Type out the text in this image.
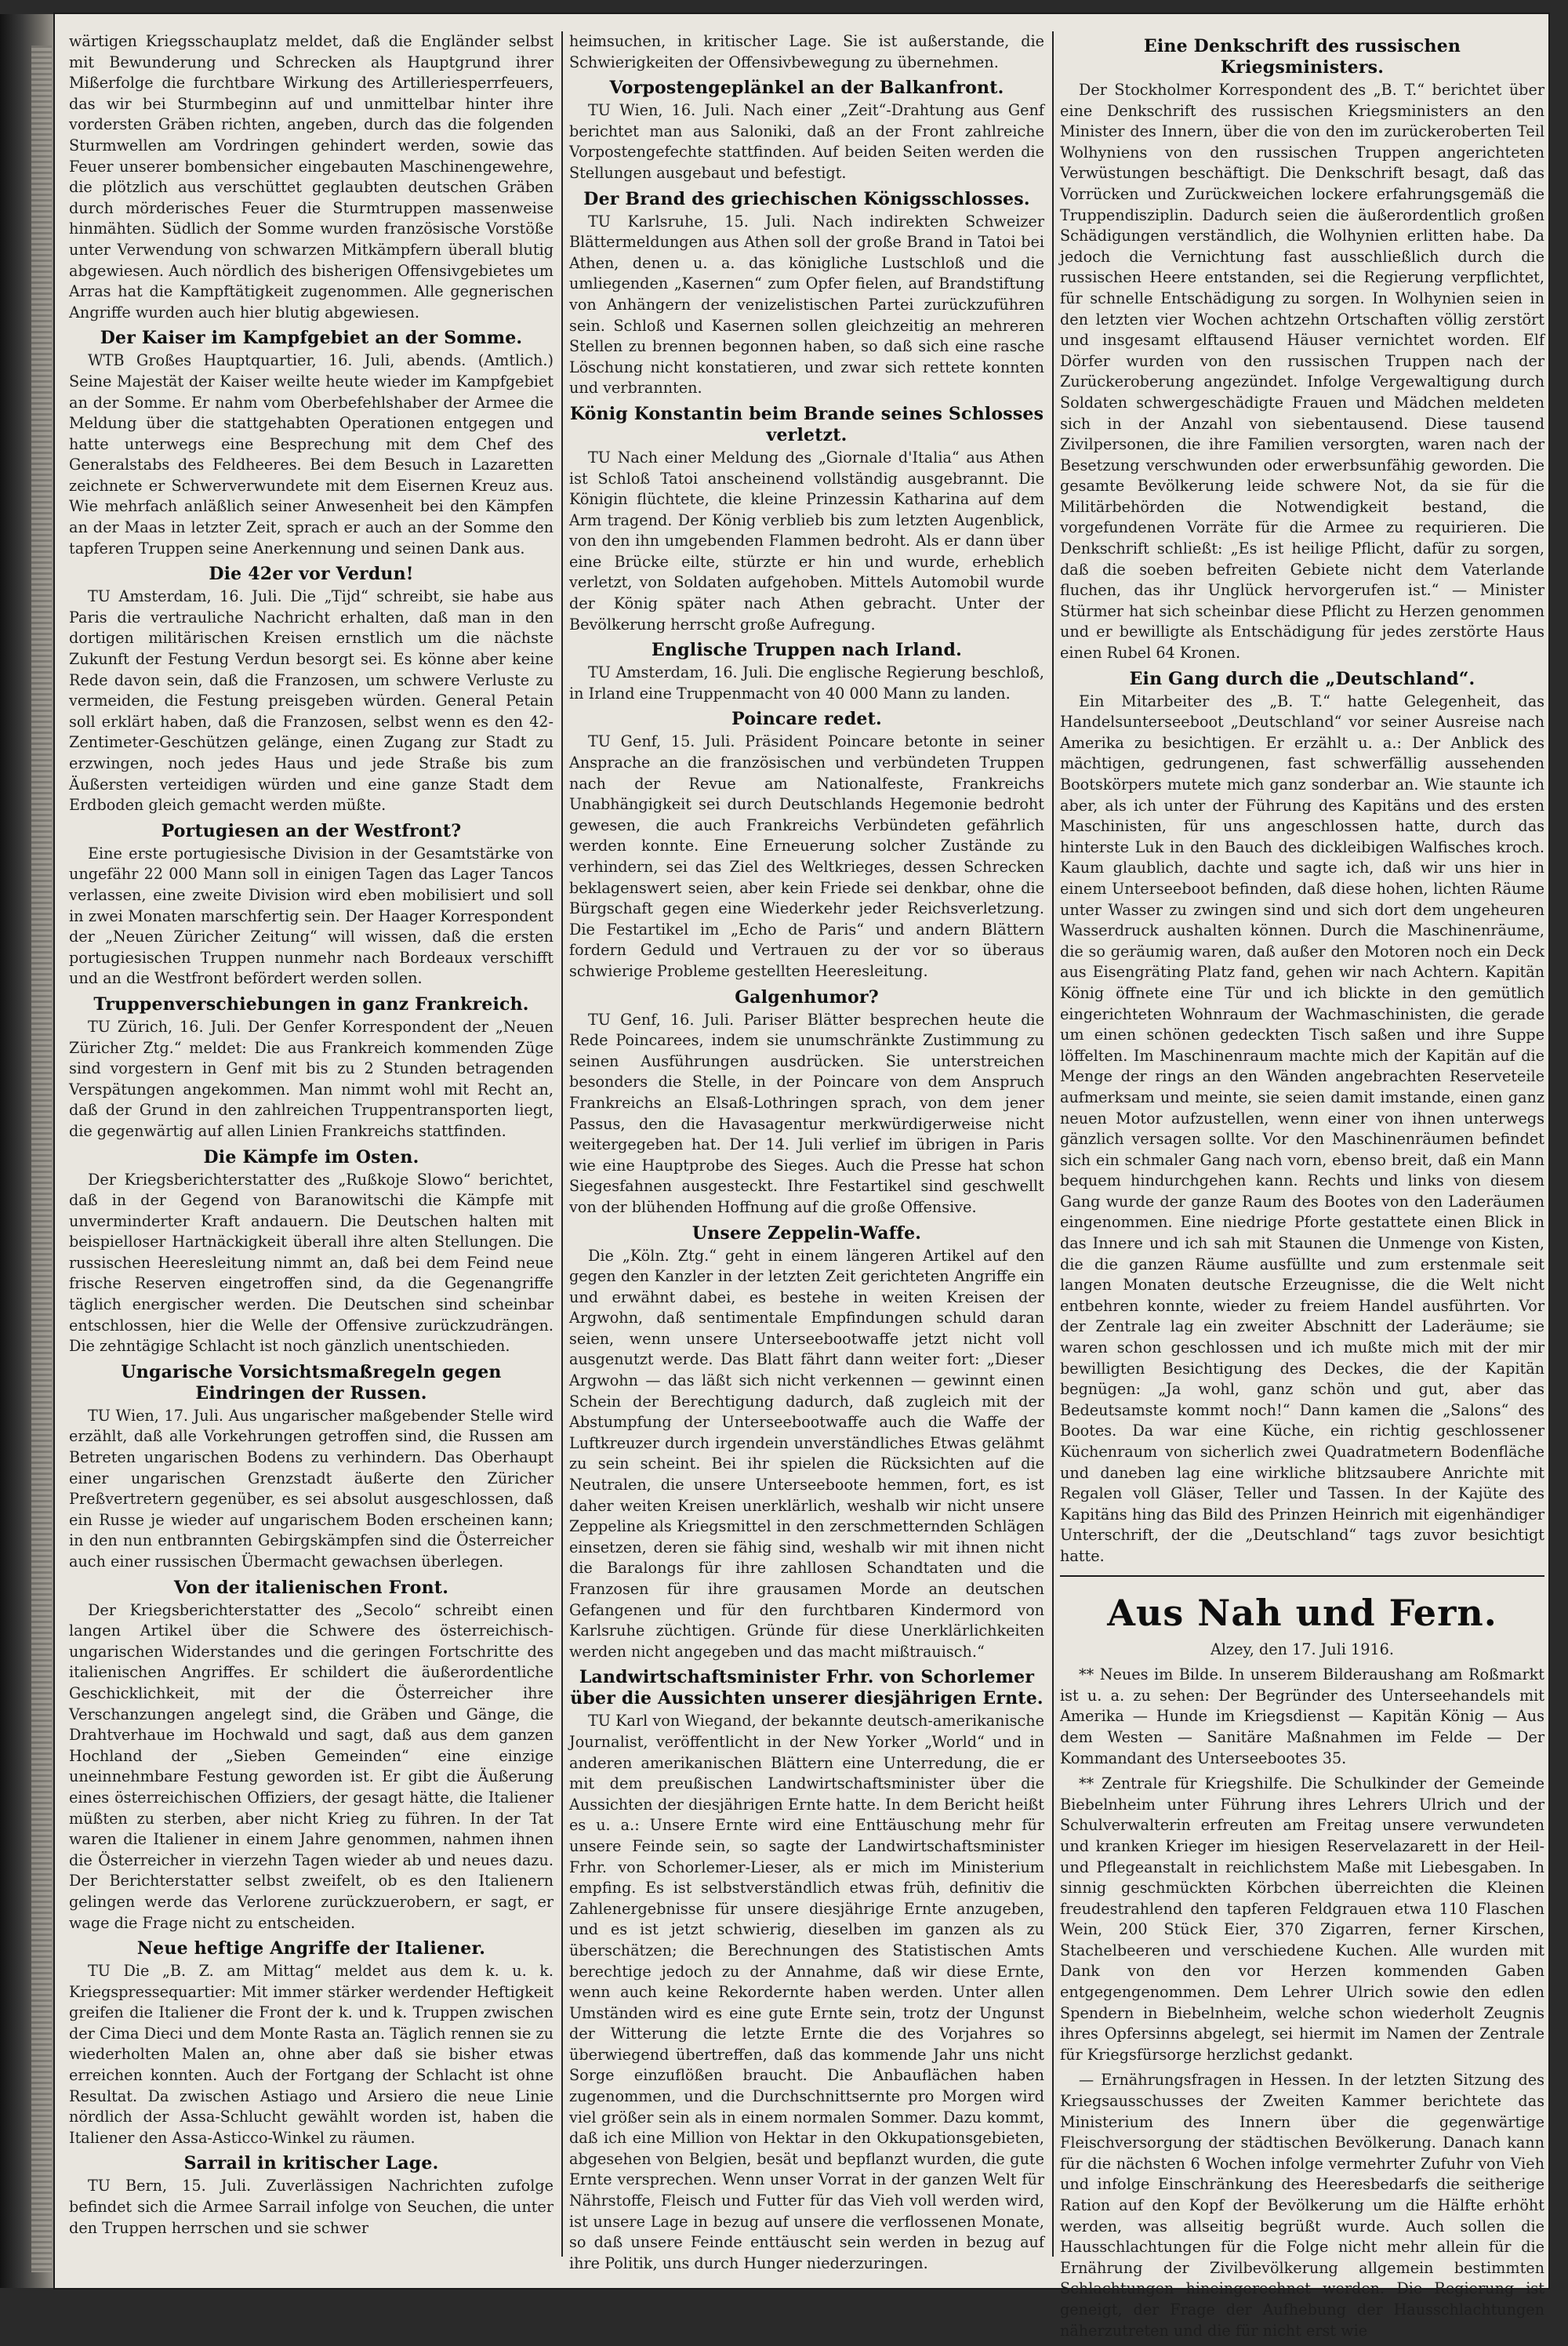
wärtigen Kriegsschauplatz meldet, daß die Engländer selbst mit Bewunderung und Schrecken als Hauptgrund ihrer Mißerfolge die furchtbare Wirkung des Artilleriesperrfeuers, das wir bei Sturmbeginn auf und unmittelbar hinter ihre vordersten Gräben richten, angeben, durch das die folgenden Sturmwellen am Vordringen gehindert werden, sowie das Feuer unserer bombensicher eingebauten Maschinengewehre, die plötzlich aus verschüttet geglaubten deutschen Gräben durch mörderisches Feuer die Sturmtruppen massenweise hinmähten. Südlich der Somme wurden französische Vorstöße unter Verwendung von schwarzen Mitkämpfern überall blutig abgewiesen. Auch nördlich des bisherigen Offensivgebietes um Arras hat die Kampftätigkeit zugenommen. Alle gegnerischen Angriffe wurden auch hier blutig abgewiesen.

Der Kaiser im Kampfgebiet an der Somme.

WTB Großes Hauptquartier, 16. Juli, abends. (Amtlich.) Seine Majestät der Kaiser weilte heute wieder im Kampfgebiet an der Somme. Er nahm vom Oberbefehlshaber der Armee die Meldung über die stattgehabten Operationen entgegen und hatte unterwegs eine Besprechung mit dem Chef des Generalstabs des Feldheeres. Bei dem Besuch in Lazaretten zeichnete er Schwerverwundete mit dem Eisernen Kreuz aus. Wie mehrfach anläßlich seiner Anwesenheit bei den Kämpfen an der Maas in letzter Zeit, sprach er auch an der Somme den tapferen Truppen seine Anerkennung und seinen Dank aus.

Die 42er vor Verdun!

TU Amsterdam, 16. Juli. Die „Tijd“ schreibt, sie habe aus Paris die vertrauliche Nachricht erhalten, daß man in den dortigen militärischen Kreisen ernstlich um die nächste Zukunft der Festung Verdun besorgt sei. Es könne aber keine Rede davon sein, daß die Franzosen, um schwere Verluste zu vermeiden, die Festung preisgeben würden. General Petain soll erklärt haben, daß die Franzosen, selbst wenn es den 42-Zentimeter-Geschützen gelänge, einen Zugang zur Stadt zu erzwingen, noch jedes Haus und jede Straße bis zum Äußersten verteidigen würden und eine ganze Stadt dem Erdboden gleich gemacht werden müßte.

Portugiesen an der Westfront?

Eine erste portugiesische Division in der Gesamtstärke von ungefähr 22 000 Mann soll in einigen Tagen das Lager Tancos verlassen, eine zweite Division wird eben mobilisiert und soll in zwei Monaten marschfertig sein. Der Haager Korrespondent der „Neuen Züricher Zeitung“ will wissen, daß die ersten portugiesischen Truppen nunmehr nach Bordeaux verschifft und an die Westfront befördert werden sollen.

Truppenverschiebungen in ganz Frankreich.

TU Zürich, 16. Juli. Der Genfer Korrespondent der „Neuen Züricher Ztg.“ meldet: Die aus Frankreich kommenden Züge sind vorgestern in Genf mit bis zu 2 Stunden betragenden Verspätungen angekommen. Man nimmt wohl mit Recht an, daß der Grund in den zahlreichen Truppentransporten liegt, die gegenwärtig auf allen Linien Frankreichs stattfinden.

Die Kämpfe im Osten.

Der Kriegsberichterstatter des „Rußkoje Slowo“ berichtet, daß in der Gegend von Baranowitschi die Kämpfe mit unverminderter Kraft andauern. Die Deutschen halten mit beispielloser Hartnäckigkeit überall ihre alten Stellungen. Die russischen Heeresleitung nimmt an, daß bei dem Feind neue frische Reserven eingetroffen sind, da die Gegenangriffe täglich energischer werden. Die Deutschen sind scheinbar entschlossen, hier die Welle der Offensive zurückzudrängen. Die zehntägige Schlacht ist noch gänzlich unentschieden.

Ungarische Vorsichtsmaßregeln gegen Eindringen der Russen.

TU Wien, 17. Juli. Aus ungarischer maßgebender Stelle wird erzählt, daß alle Vorkehrungen getroffen sind, die Russen am Betreten ungarischen Bodens zu verhindern. Das Oberhaupt einer ungarischen Grenzstadt äußerte den Züricher Preßvertretern gegenüber, es sei absolut ausgeschlossen, daß ein Russe je wieder auf ungarischem Boden erscheinen kann; in den nun entbrannten Gebirgskämpfen sind die Österreicher auch einer russischen Übermacht gewachsen überlegen.

Von der italienischen Front.

Der Kriegsberichterstatter des „Secolo“ schreibt einen langen Artikel über die Schwere des österreichisch-ungarischen Widerstandes und die geringen Fortschritte des italienischen Angriffes. Er schildert die äußerordentliche Geschicklichkeit, mit der die Österreicher ihre Verschanzungen angelegt sind, die Gräben und Gänge, die Drahtverhaue im Hochwald und sagt, daß aus dem ganzen Hochland der „Sieben Gemeinden“ eine einzige uneinnehmbare Festung geworden ist. Er gibt die Äußerung eines österreichischen Offiziers, der gesagt hätte, die Italiener müßten zu sterben, aber nicht Krieg zu führen. In der Tat waren die Italiener in einem Jahre genommen, nahmen ihnen die Österreicher in vierzehn Tagen wieder ab und neues dazu. Der Berichterstatter selbst zweifelt, ob es den Italienern gelingen werde das Verlorene zurückzuerobern, er sagt, er wage die Frage nicht zu entscheiden.

Neue heftige Angriffe der Italiener.

TU Die „B. Z. am Mittag“ meldet aus dem k. u. k. Kriegspressequartier: Mit immer stärker werdender Heftigkeit greifen die Italiener die Front der k. und k. Truppen zwischen der Cima Dieci und dem Monte Rasta an. Täglich rennen sie zu wiederholten Malen an, ohne aber daß sie bisher etwas erreichen konnten. Auch der Fortgang der Schlacht ist ohne Resultat. Da zwischen Astiago und Arsiero die neue Linie nördlich der Assa-Schlucht gewählt worden ist, haben die Italiener den Assa-Asticco-Winkel zu räumen.

Sarrail in kritischer Lage.

TU Bern, 15. Juli. Zuverlässigen Nachrichten zufolge befindet sich die Armee Sarrail infolge von Seuchen, die unter den Truppen herrschen und sie schwer

heimsuchen, in kritischer Lage. Sie ist außerstande, die Schwierigkeiten der Offensivbewegung zu übernehmen.

Vorpostengeplänkel an der Balkanfront.

TU Wien, 16. Juli. Nach einer „Zeit“-Drahtung aus Genf berichtet man aus Saloniki, daß an der Front zahlreiche Vorpostengefechte stattfinden. Auf beiden Seiten werden die Stellungen ausgebaut und befestigt.

Der Brand des griechischen Königsschlosses.

TU Karlsruhe, 15. Juli. Nach indirekten Schweizer Blättermeldungen aus Athen soll der große Brand in Tatoi bei Athen, denen u. a. das königliche Lustschloß und die umliegenden „Kasernen“ zum Opfer fielen, auf Brandstiftung von Anhängern der venizelistischen Partei zurückzuführen sein. Schloß und Kasernen sollen gleichzeitig an mehreren Stellen zu brennen begonnen haben, so daß sich eine rasche Löschung nicht konstatieren, und zwar sich rettete konnten und verbrannten.

König Konstantin beim Brande seines Schlosses verletzt.

TU Nach einer Meldung des „Giornale d'Italia“ aus Athen ist Schloß Tatoi anscheinend vollständig ausgebrannt. Die Königin flüchtete, die kleine Prinzessin Katharina auf dem Arm tragend. Der König verblieb bis zum letzten Augenblick, von den ihn umgebenden Flammen bedroht. Als er dann über eine Brücke eilte, stürzte er hin und wurde, erheblich verletzt, von Soldaten aufgehoben. Mittels Automobil wurde der König später nach Athen gebracht. Unter der Bevölkerung herrscht große Aufregung.

Englische Truppen nach Irland.

TU Amsterdam, 16. Juli. Die englische Regierung beschloß, in Irland eine Truppenmacht von 40 000 Mann zu landen.

Poincare redet.

TU Genf, 15. Juli. Präsident Poincare betonte in seiner Ansprache an die französischen und verbündeten Truppen nach der Revue am Nationalfeste, Frankreichs Unabhängigkeit sei durch Deutschlands Hegemonie bedroht gewesen, die auch Frankreichs Verbündeten gefährlich werden konnte. Eine Erneuerung solcher Zustände zu verhindern, sei das Ziel des Weltkrieges, dessen Schrecken beklagenswert seien, aber kein Friede sei denkbar, ohne die Bürgschaft gegen eine Wiederkehr jeder Reichsverletzung. Die Festartikel im „Echo de Paris“ und andern Blättern fordern Geduld und Vertrauen zu der vor so überaus schwierige Probleme gestellten Heeresleitung.

Galgenhumor?

TU Genf, 16. Juli. Pariser Blätter besprechen heute die Rede Poincarees, indem sie unumschränkte Zustimmung zu seinen Ausführungen ausdrücken. Sie unterstreichen besonders die Stelle, in der Poincare von dem Anspruch Frankreichs an Elsaß-Lothringen sprach, von dem jener Passus, den die Havasagentur merkwürdigerweise nicht weitergegeben hat. Der 14. Juli verlief im übrigen in Paris wie eine Hauptprobe des Sieges. Auch die Presse hat schon Siegesfahnen ausgesteckt. Ihre Festartikel sind geschwellt von der blühenden Hoffnung auf die große Offensive.

Unsere Zeppelin-Waffe.

Die „Köln. Ztg.“ geht in einem längeren Artikel auf den gegen den Kanzler in der letzten Zeit gerichteten Angriffe ein und erwähnt dabei, es bestehe in weiten Kreisen der Argwohn, daß sentimentale Empfindungen schuld daran seien, wenn unsere Unterseebootwaffe jetzt nicht voll ausgenutzt werde. Das Blatt fährt dann weiter fort: „Dieser Argwohn — das läßt sich nicht verkennen — gewinnt einen Schein der Berechtigung dadurch, daß zugleich mit der Abstumpfung der Unterseebootwaffe auch die Waffe der Luftkreuzer durch irgendein unverständliches Etwas gelähmt zu sein scheint. Bei ihr spielen die Rücksichten auf die Neutralen, die unsere Unterseeboote hemmen, fort, es ist daher weiten Kreisen unerklärlich, weshalb wir nicht unsere Zeppeline als Kriegsmittel in den zerschmetternden Schlägen einsetzen, deren sie fähig sind, weshalb wir mit ihnen nicht die Baralongs für ihre zahllosen Schandtaten und die Franzosen für ihre grausamen Morde an deutschen Gefangenen und für den furchtbaren Kindermord von Karlsruhe züchtigen. Gründe für diese Unerklärlichkeiten werden nicht angegeben und das macht mißtrauisch.“

Landwirtschaftsminister Frhr. von Schorlemer über die Aussichten unserer diesjährigen Ernte.

TU Karl von Wiegand, der bekannte deutsch-amerikanische Journalist, veröffentlicht in der New Yorker „World“ und in anderen amerikanischen Blättern eine Unterredung, die er mit dem preußischen Landwirtschaftsminister über die Aussichten der diesjährigen Ernte hatte. In dem Bericht heißt es u. a.: Unsere Ernte wird eine Enttäuschung mehr für unsere Feinde sein, so sagte der Landwirtschaftsminister Frhr. von Schorlemer-Lieser, als er mich im Ministerium empfing. Es ist selbstverständlich etwas früh, definitiv die Zahlenergebnisse für unsere diesjährige Ernte anzugeben, und es ist jetzt schwierig, dieselben im ganzen als zu überschätzen; die Berechnungen des Statistischen Amts berechtige jedoch zu der Annahme, daß wir diese Ernte, wenn auch keine Rekordernte haben werden. Unter allen Umständen wird es eine gute Ernte sein, trotz der Ungunst der Witterung die letzte Ernte die des Vorjahres so überwiegend übertreffen, daß das kommende Jahr uns nicht Sorge einzuflößen braucht. Die Anbauflächen haben zugenommen, und die Durchschnittsernte pro Morgen wird viel größer sein als in einem normalen Sommer. Dazu kommt, daß ich eine Million von Hektar in den Okkupationsgebieten, abgesehen von Belgien, besät und bepflanzt wurden, die gute Ernte versprechen. Wenn unser Vorrat in der ganzen Welt für Nährstoffe, Fleisch und Futter für das Vieh voll werden wird, ist unsere Lage in bezug auf unsere die verflossenen Monate, so daß unsere Feinde enttäuscht sein werden in bezug auf ihre Politik, uns durch Hunger niederzuringen.

Eine Denkschrift des russischen Kriegsministers.

Der Stockholmer Korrespondent des „B. T.“ berichtet über eine Denkschrift des russischen Kriegsministers an den Minister des Innern, über die von den im zurückeroberten Teil Wolhyniens von den russischen Truppen angerichteten Verwüstungen beschäftigt. Die Denkschrift besagt, daß das Vorrücken und Zurückweichen lockere erfahrungsgemäß die Truppendisziplin. Dadurch seien die äußerordentlich großen Schädigungen verständlich, die Wolhynien erlitten habe. Da jedoch die Vernichtung fast ausschließlich durch die russischen Heere entstanden, sei die Regierung verpflichtet, für schnelle Entschädigung zu sorgen. In Wolhynien seien in den letzten vier Wochen achtzehn Ortschaften völlig zerstört und insgesamt elftausend Häuser vernichtet worden. Elf Dörfer wurden von den russischen Truppen nach der Zurückeroberung angezündet. Infolge Vergewaltigung durch Soldaten schwergeschädigte Frauen und Mädchen meldeten sich in der Anzahl von siebentausend. Diese tausend Zivilpersonen, die ihre Familien versorgten, waren nach der Besetzung verschwunden oder erwerbsunfähig geworden. Die gesamte Bevölkerung leide schwere Not, da sie für die Militärbehörden die Notwendigkeit bestand, die vorgefundenen Vorräte für die Armee zu requirieren. Die Denkschrift schließt: „Es ist heilige Pflicht, dafür zu sorgen, daß die soeben befreiten Gebiete nicht dem Vaterlande fluchen, das ihr Unglück hervorgerufen ist.“ — Minister Stürmer hat sich scheinbar diese Pflicht zu Herzen genommen und er bewilligte als Entschädigung für jedes zerstörte Haus einen Rubel 64 Kronen.

Ein Gang durch die „Deutschland“.

Ein Mitarbeiter des „B. T.“ hatte Gelegenheit, das Handelsunterseeboot „Deutschland“ vor seiner Ausreise nach Amerika zu besichtigen. Er erzählt u. a.: Der Anblick des mächtigen, gedrungenen, fast schwerfällig aussehenden Bootskörpers mutete mich ganz sonderbar an. Wie staunte ich aber, als ich unter der Führung des Kapitäns und des ersten Maschinisten, für uns angeschlossen hatte, durch das hinterste Luk in den Bauch des dickleibigen Walfisches kroch. Kaum glaublich, dachte und sagte ich, daß wir uns hier in einem Unterseeboot befinden, daß diese hohen, lichten Räume unter Wasser zu zwingen sind und sich dort dem ungeheuren Wasserdruck aushalten können. Durch die Maschinenräume, die so geräumig waren, daß außer den Motoren noch ein Deck aus Eisengräting Platz fand, gehen wir nach Achtern. Kapitän König öffnete eine Tür und ich blickte in den gemütlich eingerichteten Wohnraum der Wachmaschinisten, die gerade um einen schönen gedeckten Tisch saßen und ihre Suppe löffelten. Im Maschinenraum machte mich der Kapitän auf die Menge der rings an den Wänden angebrachten Reserveteile aufmerksam und meinte, sie seien damit imstande, einen ganz neuen Motor aufzustellen, wenn einer von ihnen unterwegs gänzlich versagen sollte. Vor den Maschinenräumen befindet sich ein schmaler Gang nach vorn, ebenso breit, daß ein Mann bequem hindurchgehen kann. Rechts und links von diesem Gang wurde der ganze Raum des Bootes von den Laderäumen eingenommen. Eine niedrige Pforte gestattete einen Blick in das Innere und ich sah mit Staunen die Unmenge von Kisten, die die ganzen Räume ausfüllte und zum erstenmale seit langen Monaten deutsche Erzeugnisse, die die Welt nicht entbehren konnte, wieder zu freiem Handel ausführten. Vor der Zentrale lag ein zweiter Abschnitt der Laderäume; sie waren schon geschlossen und ich mußte mich mit der mir bewilligten Besichtigung des Deckes, die der Kapitän begnügen: „Ja wohl, ganz schön und gut, aber das Bedeutsamste kommt noch!“ Dann kamen die „Salons“ des Bootes. Da war eine Küche, ein richtig geschlossener Küchenraum von sicherlich zwei Quadratmetern Bodenfläche und daneben lag eine wirkliche blitzsaubere Anrichte mit Regalen voll Gläser, Teller und Tassen. In der Kajüte des Kapitäns hing das Bild des Prinzen Heinrich mit eigenhändiger Unterschrift, der die „Deutschland“ tags zuvor besichtigt hatte.

Aus Nah und Fern.
Alzey, den 17. Juli 1916.

** Neues im Bilde. In unserem Bilderaushang am Roßmarkt ist u. a. zu sehen: Der Begründer des Unterseehandels mit Amerika — Hunde im Kriegsdienst — Kapitän König — Aus dem Westen — Sanitäre Maßnahmen im Felde — Der Kommandant des Unterseebootes 35.

** Zentrale für Kriegshilfe. Die Schulkinder der Gemeinde Biebelnheim unter Führung ihres Lehrers Ulrich und der Schulverwalterin erfreuten am Freitag unsere verwundeten und kranken Krieger im hiesigen Reservelazarett in der Heil- und Pflegeanstalt in reichlichstem Maße mit Liebesgaben. In sinnig geschmückten Körbchen überreichten die Kleinen freudestrahlend den tapferen Feldgrauen etwa 110 Flaschen Wein, 200 Stück Eier, 370 Zigarren, ferner Kirschen, Stachelbeeren und verschiedene Kuchen. Alle wurden mit Dank von den vor Herzen kommenden Gaben entgegengenommen. Dem Lehrer Ulrich sowie den edlen Spendern in Biebelnheim, welche schon wiederholt Zeugnis ihres Opfersinns abgelegt, sei hiermit im Namen der Zentrale für Kriegsfürsorge herzlichst gedankt.

— Ernährungsfragen in Hessen. In der letzten Sitzung des Kriegsausschusses der Zweiten Kammer berichtete das Ministerium des Innern über die gegenwärtige Fleischversorgung der städtischen Bevölkerung. Danach kann für die nächsten 6 Wochen infolge vermehrter Zufuhr von Vieh und infolge Einschränkung des Heeresbedarfs die seitherige Ration auf den Kopf der Bevölkerung um die Hälfte erhöht werden, was allseitig begrüßt wurde. Auch sollen die Hausschlachtungen für die Folge nicht mehr allein für die Ernährung der Zivilbevölkerung allgemein bestimmten Schlachtungen hineingerechnet werden. Die Regierung ist geneigt, der Frage der Aufhebung der Hausschlachtungen näherzutreten und die für nicht erst wie
